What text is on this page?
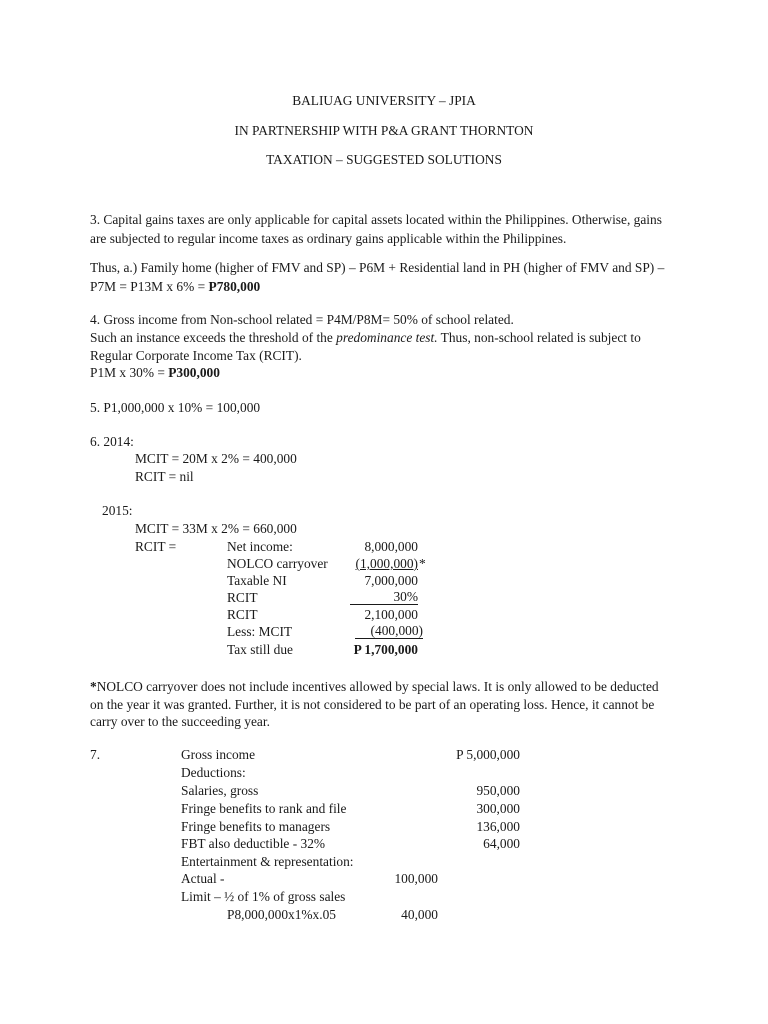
BALIUAG UNIVERSITY – JPIA
IN PARTNERSHIP WITH P&A GRANT THORNTON
TAXATION – SUGGESTED SOLUTIONS
3. Capital gains taxes are only applicable for capital assets located within the Philippines. Otherwise, gains are subjected to regular income taxes as ordinary gains applicable within the Philippines.
Thus, a.) Family home (higher of FMV and SP) – P6M + Residential land in PH (higher of FMV and SP) – P7M = P13M x 6% = P780,000
4. Gross income from Non-school related = P4M/P8M= 50% of school related.
Such an instance exceeds the threshold of the predominance test. Thus, non-school related is subject to
Regular Corporate Income Tax (RCIT).
P1M x 30% = P300,000
5. P1,000,000 x 10% = 100,000
6. 2014:
MCIT = 20M x 2% = 400,000
RCIT = nil
2015:
MCIT = 33M x 2% = 660,000
RCIT =	Net income:	8,000,000
NOLCO carryover	(1,000,000) *
Taxable NI	7,000,000
RCIT	30%
RCIT	2,100,000
Less: MCIT	(400,000)
Tax still due	P 1,700,000
*NOLCO carryover does not include incentives allowed by special laws. It is only allowed to be deducted on the year it was granted. Further, it is not considered to be part of an operating loss. Hence, it cannot be carry over to the succeeding year.
7.	Gross income	P 5,000,000
Deductions:
Salaries, gross	950,000
Fringe benefits to rank and file	300,000
Fringe benefits to managers	136,000
FBT also deductible - 32%	64,000
Entertainment & representation:
Actual -	100,000
Limit – ½ of 1% of gross sales
P8,000,000x1%x.05	40,000
